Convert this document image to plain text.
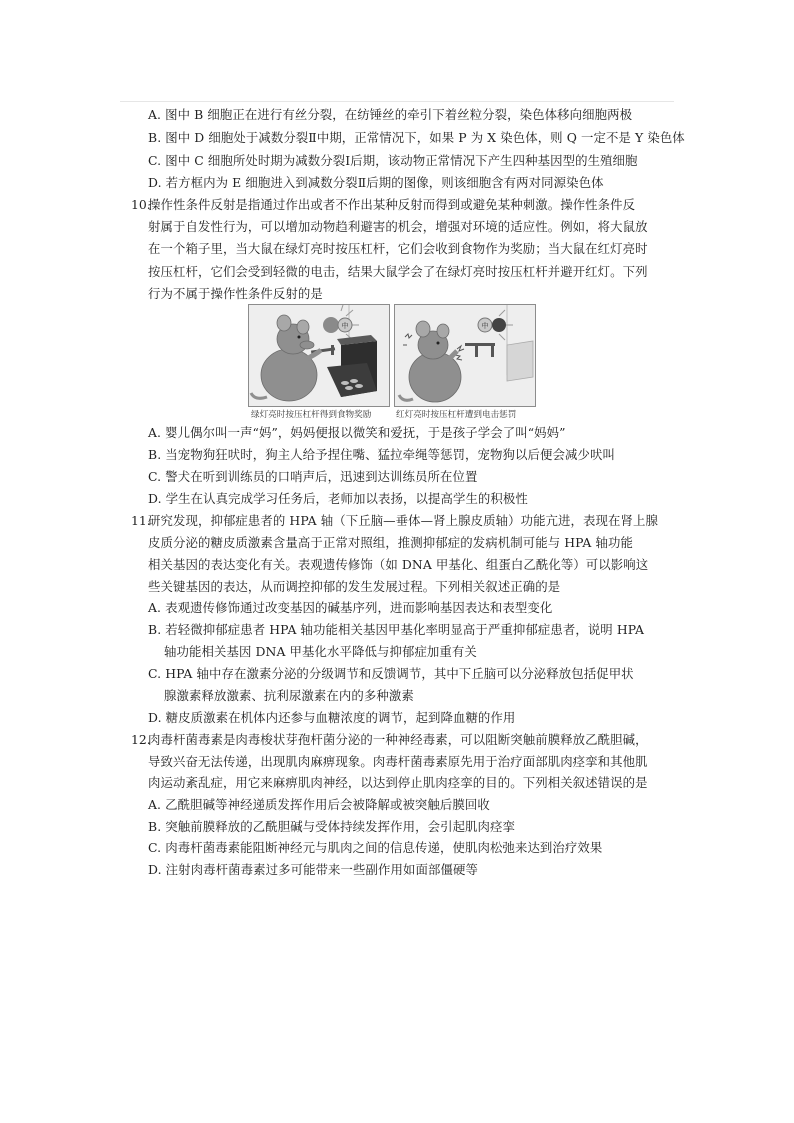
A. 图中 B 细胞正在进行有丝分裂，在纺锤丝的牵引下着丝粒分裂，染色体移向细胞两极
B. 图中 D 细胞处于减数分裂Ⅱ中期，正常情况下，如果 P 为 X 染色体，则 Q 一定不是 Y 染色体
C. 图中 C 细胞所处时期为减数分裂Ⅰ后期，该动物正常情况下产生四种基因型的生殖细胞
D. 若方框内为 E 细胞进入到减数分裂Ⅱ后期的图像，则该细胞含有两对同源染色体
10.
操作性条件反射是指通过作出或者不作出某种反射而得到或避免某种刺激。操作性条件反
射属于自发性行为，可以增加动物趋利避害的机会，增强对环境的适应性。例如，将大鼠放
在一个箱子里，当大鼠在绿灯亮时按压杠杆，它们会收到食物作为奖励；当大鼠在红灯亮时
按压杠杆，它们会受到轻微的电击，结果大鼠学会了在绿灯亮时按压杠杆并避开红灯。下列
行为不属于操作性条件反射的是
中	中
绿灯亮时按压杠杆得到食物奖励	红灯亮时按压杠杆遭到电击惩罚
A. 婴儿偶尔叫一声“妈”，妈妈便报以微笑和爱抚，于是孩子学会了叫“妈妈”
B. 当宠物狗狂吠时，狗主人给予捏住嘴、猛拉牵绳等惩罚，宠物狗以后便会减少吠叫
C. 警犬在听到训练员的口哨声后，迅速到达训练员所在位置
D. 学生在认真完成学习任务后，老师加以表扬，以提高学生的积极性
11.
研究发现，抑郁症患者的 HPA 轴（下丘脑—垂体—肾上腺皮质轴）功能亢进，表现在肾上腺
皮质分泌的糖皮质激素含量高于正常对照组，推测抑郁症的发病机制可能与 HPA 轴功能
相关基因的表达变化有关。表观遗传修饰（如 DNA 甲基化、组蛋白乙酰化等）可以影响这
些关键基因的表达，从而调控抑郁的发生发展过程。下列相关叙述正确的是
A. 表观遗传修饰通过改变基因的碱基序列，进而影响基因表达和表型变化
B. 若轻微抑郁症患者 HPA 轴功能相关基因甲基化率明显高于严重抑郁症患者，说明 HPA
轴功能相关基因 DNA 甲基化水平降低与抑郁症加重有关
C. HPA 轴中存在激素分泌的分级调节和反馈调节，其中下丘脑可以分泌释放包括促甲状
腺激素释放激素、抗利尿激素在内的多种激素
D. 糖皮质激素在机体内还参与血糖浓度的调节，起到降血糖的作用
12.
肉毒杆菌毒素是肉毒梭状芽孢杆菌分泌的一种神经毒素，可以阻断突触前膜释放乙酰胆碱，
导致兴奋无法传递，出现肌肉麻痹现象。肉毒杆菌毒素原先用于治疗面部肌肉痉挛和其他肌
肉运动紊乱症，用它来麻痹肌肉神经，以达到停止肌肉痉挛的目的。下列相关叙述错误的是
A. 乙酰胆碱等神经递质发挥作用后会被降解或被突触后膜回收
B. 突触前膜释放的乙酰胆碱与受体持续发挥作用，会引起肌肉痉挛
C. 肉毒杆菌毒素能阻断神经元与肌肉之间的信息传递，使肌肉松弛来达到治疗效果
D. 注射肉毒杆菌毒素过多可能带来一些副作用如面部僵硬等
